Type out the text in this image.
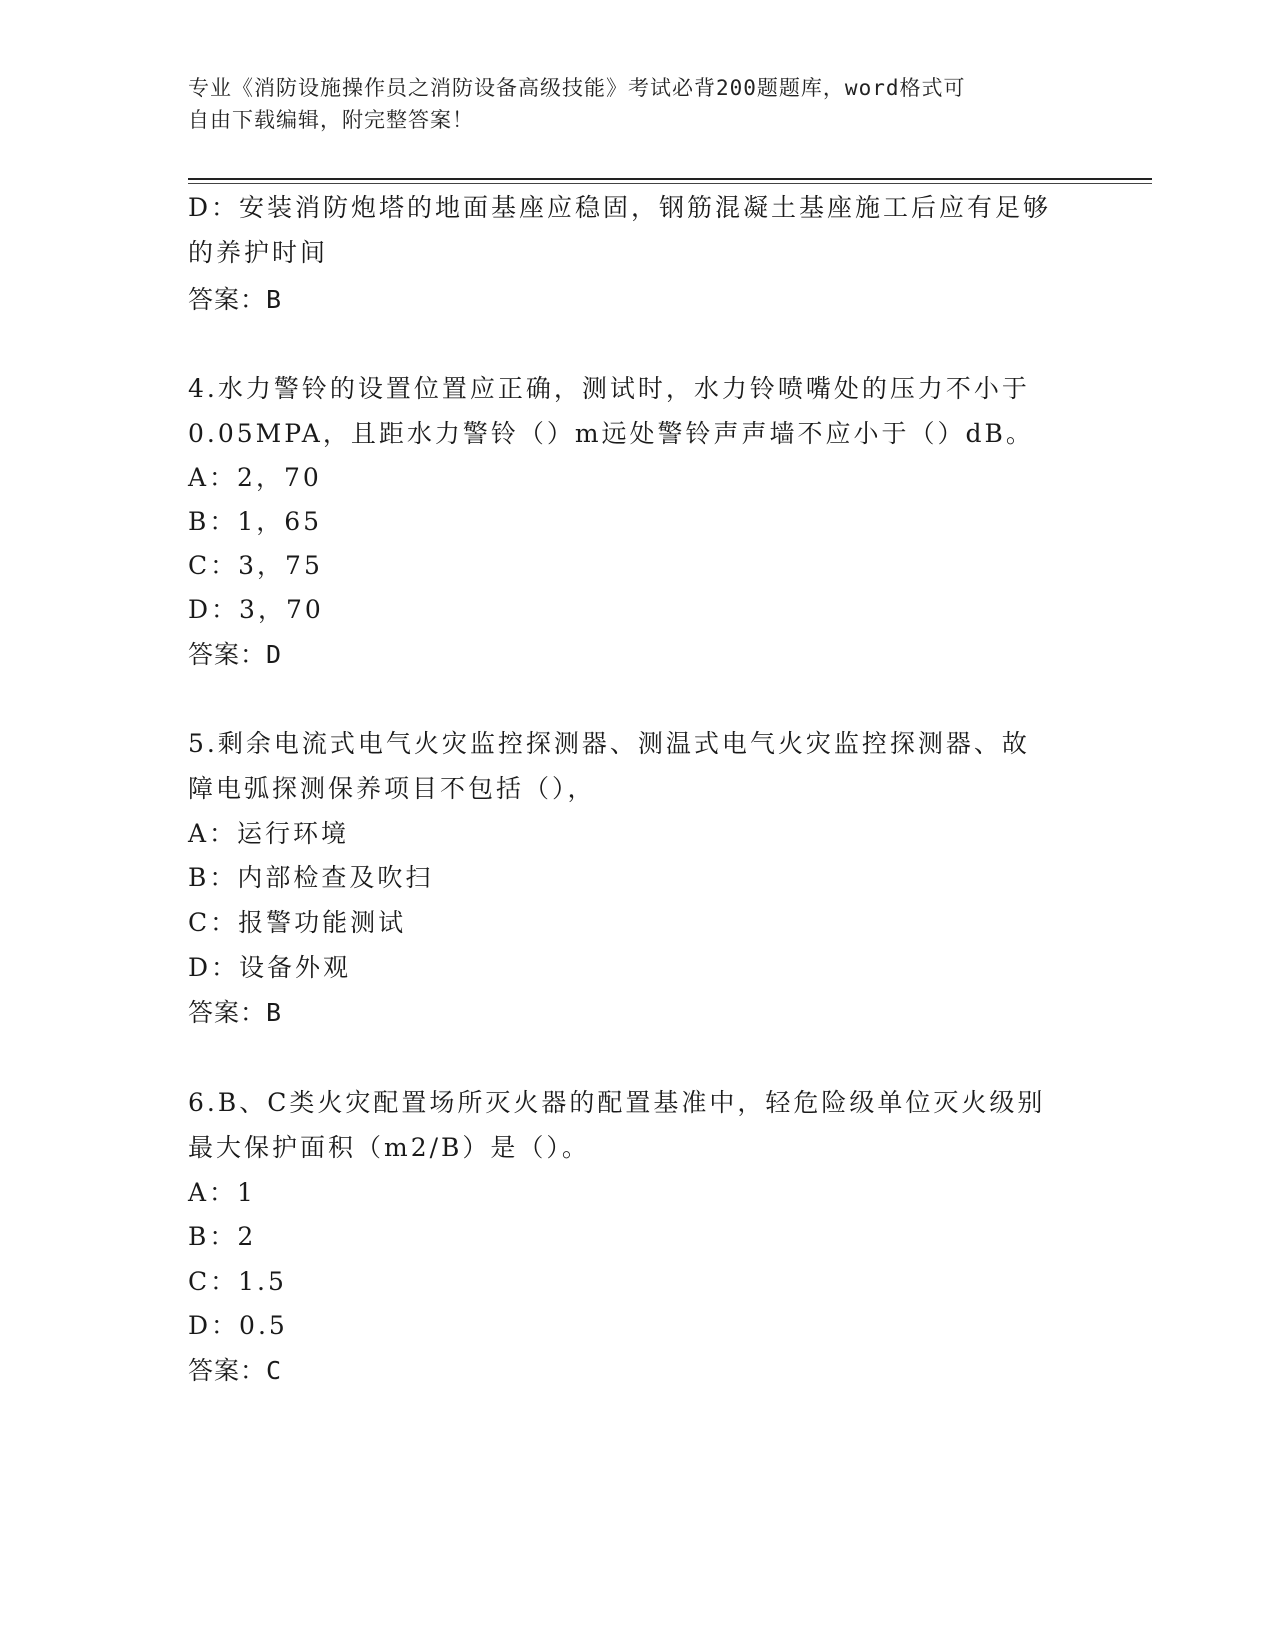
专业《消防设施操作员之消防设备高级技能》考试必背200题题库，word格式可
自由下载编辑，附完整答案！
D：安装消防炮塔的地面基座应稳固，钢筋混凝土基座施工后应有足够
的养护时间
答案：B
4.水力警铃的设置位置应正确，测试时，水力铃喷嘴处的压力不小于
0.05MPA，且距水力警铃（）m远处警铃声声墙不应小于（）dB。
A：2，70
B：1，65
C：3，75
D：3，70
答案：D
5.剩余电流式电气火灾监控探测器、测温式电气火灾监控探测器、故
障电弧探测保养项目不包括（），
A：运行环境
B：内部检查及吹扫
C：报警功能测试
D：设备外观
答案：B
6.B、C类火灾配置场所灭火器的配置基准中，轻危险级单位灭火级别
最大保护面积（m2/B）是（）。
A：1
B：2
C：1.5
D：0.5
答案：C
